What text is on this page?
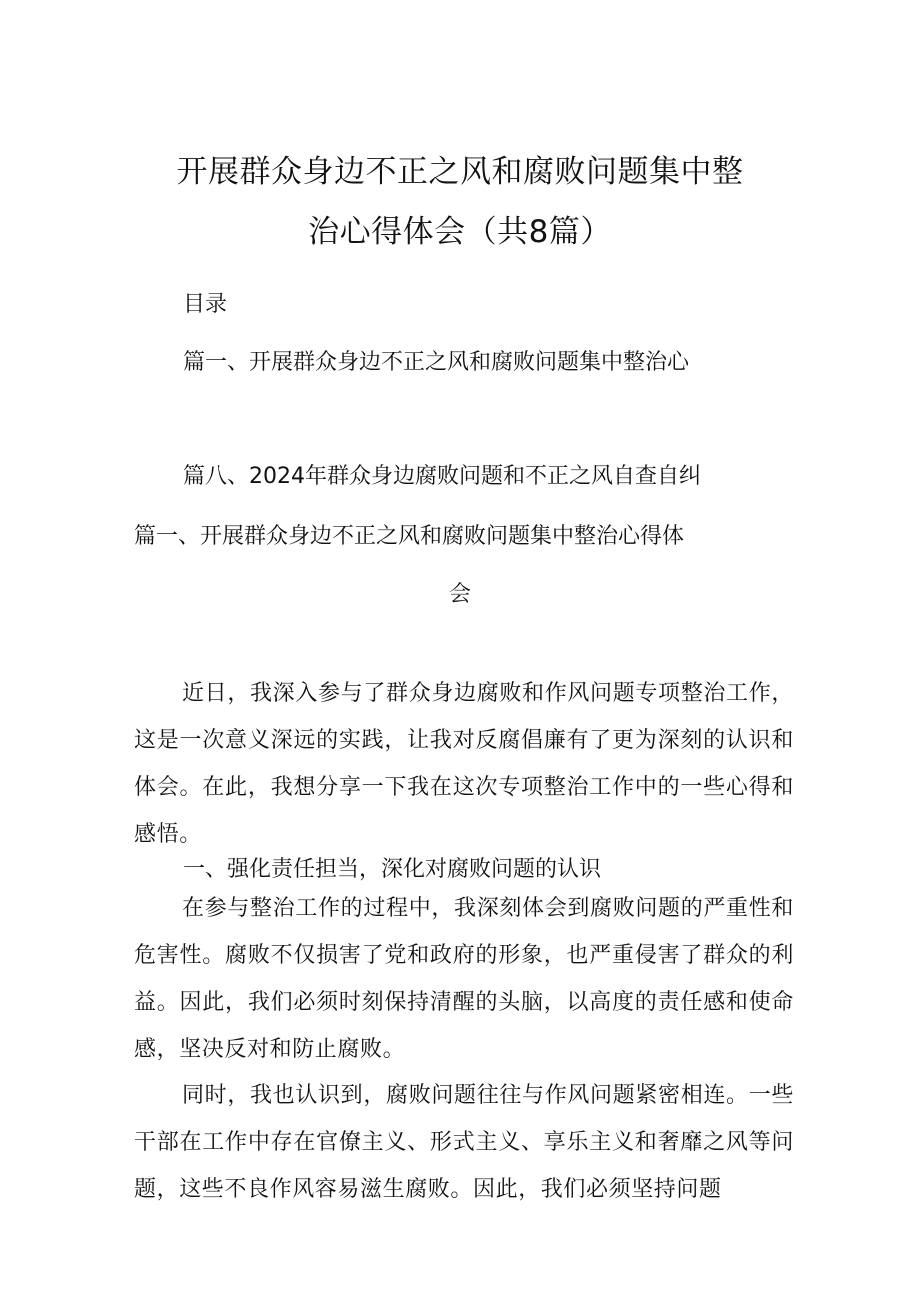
开展群众身边不正之风和腐败问题集中整
治心得体会（共8篇）
目录
篇一、开展群众身边不正之风和腐败问题集中整治心
篇八、2024年群众身边腐败问题和不正之风自查自纠
篇一、开展群众身边不正之风和腐败问题集中整治心得体
会

近日，我深入参与了群众身边腐败和作风问题专项整治工作，这是一次意义深远的实践，让我对反腐倡廉有了更为深刻的认识和体会。在此，我想分享一下我在这次专项整治工作中的一些心得和感悟。

一、强化责任担当，深化对腐败问题的认识

在参与整治工作的过程中，我深刻体会到腐败问题的严重性和危害性。腐败不仅损害了党和政府的形象，也严重侵害了群众的利益。因此，我们必须时刻保持清醒的头脑，以高度的责任感和使命感，坚决反对和防止腐败。

同时，我也认识到，腐败问题往往与作风问题紧密相连。一些干部在工作中存在官僚主义、形式主义、享乐主义和奢靡之风等问题，这些不良作风容易滋生腐败。因此，我们必须坚持问题
